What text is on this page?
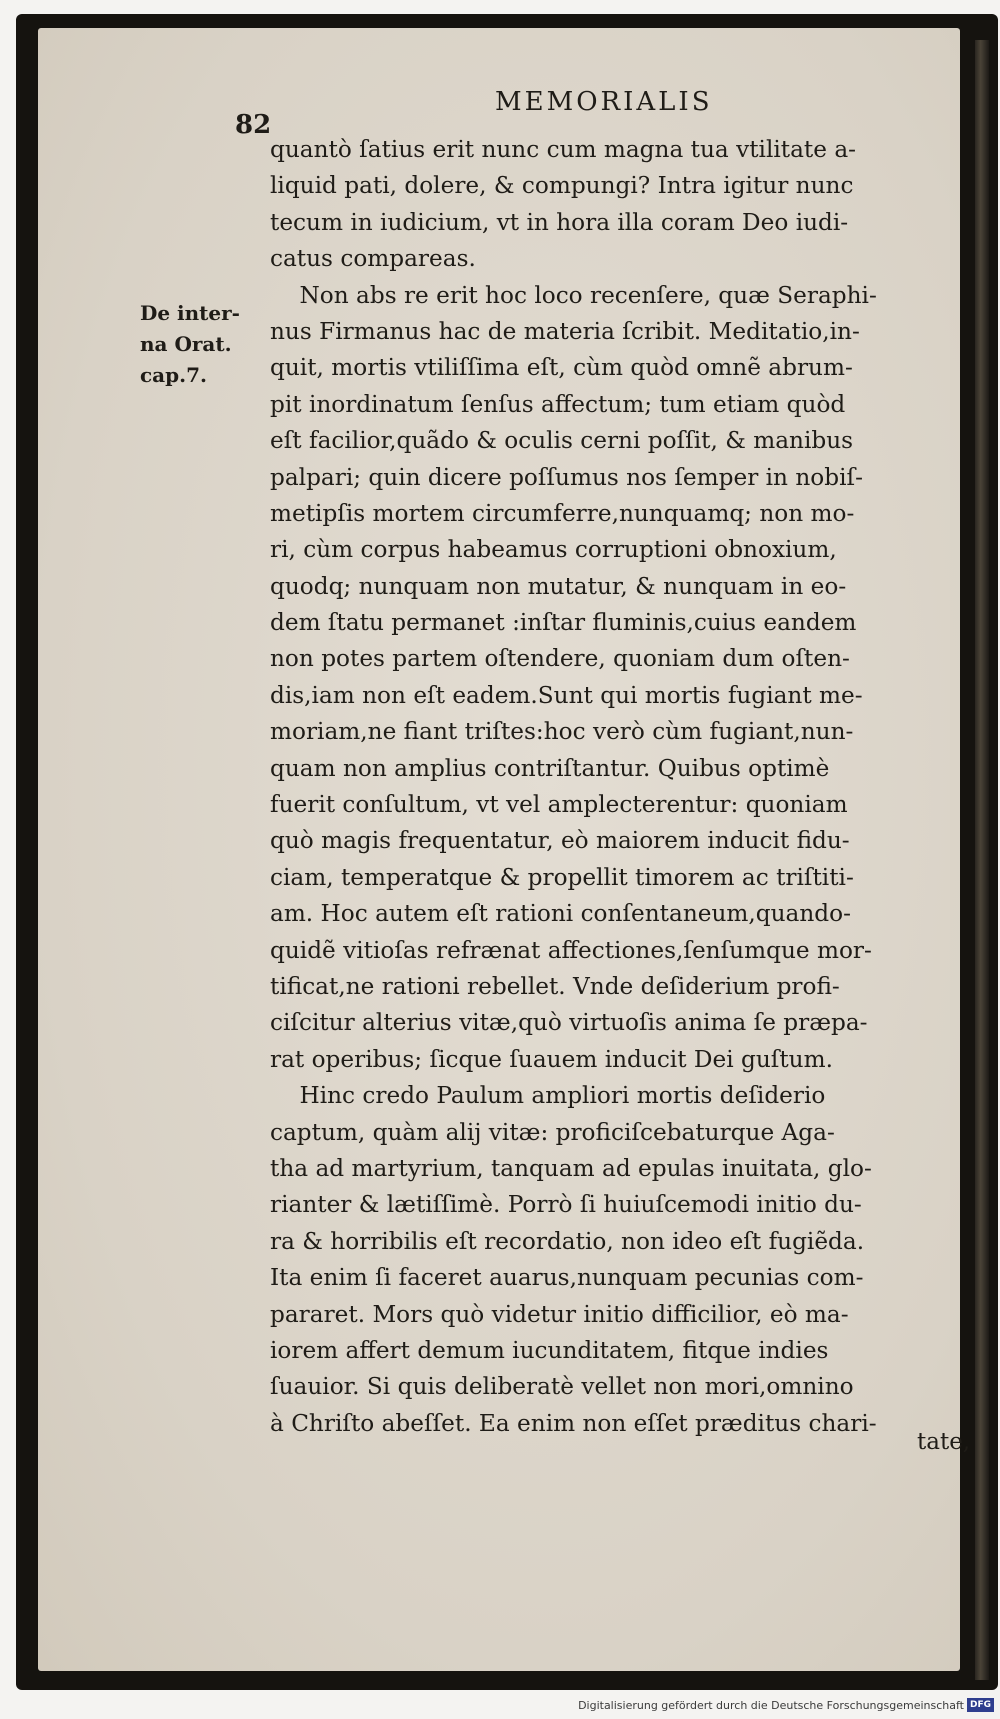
82
MEMORIALIS
De inter-
na Orat.
cap.7.
quantò ſatius erit nunc cum magna tua vtilitate a-
liquid pati, dolere, & compungi? Intra igitur nunc
tecum in iudicium, vt in hora illa coram Deo iudi-
catus compareas.
Non abs re erit hoc loco recenſere, quæ Seraphi-
nus Firmanus hac de materia ſcribit. Meditatio,in-
quit, mortis vtiliſſima eſt, cùm quòd omnẽ abrum-
pit inordinatum ſenſus affectum; tum etiam quòd
eſt facilior,quãdo & oculis cerni poſſit, & manibus
palpari; quin dicere poſſumus nos ſemper in nobiſ-
metipſis mortem circumferre,nunquamq; non mo-
ri, cùm corpus habeamus corruptioni obnoxium,
quodq; nunquam non mutatur, & nunquam in eo-
dem ſtatu permanet :inſtar fluminis,cuius eandem
non potes partem oſtendere, quoniam dum oſten-
dis,iam non eſt eadem.Sunt qui mortis fugiant me-
moriam,ne fiant triſtes:hoc verò cùm fugiant,nun-
quam non amplius contriſtantur. Quibus optimè
fuerit conſultum, vt vel amplecterentur: quoniam
quò magis frequentatur, eò maiorem inducit fidu-
ciam, temperatque & propellit timorem ac triſtiti-
am. Hoc autem eſt rationi conſentaneum,quando-
quidẽ vitioſas refrænat affectiones,ſenſumque mor-
tificat,ne rationi rebellet. Vnde deſiderium profi-
ciſcitur alterius vitæ,quò virtuoſis anima ſe præpa-
rat operibus; ſicque ſuauem inducit Dei guſtum.
Hinc credo Paulum ampliori mortis deſiderio
captum, quàm alij vitæ: proficiſcebaturque Aga-
tha ad martyrium, tanquam ad epulas inuitata, glo-
rianter & lætiſſimè. Porrò ſi huiuſcemodi initio du-
ra & horribilis eſt recordatio, non ideo eſt fugiẽda.
Ita enim ſi faceret auarus,nunquam pecunias com-
pararet. Mors quò videtur initio difficilior, eò ma-
iorem affert demum iucunditatem, fitque indies
ſuauior. Si quis deliberatè vellet non mori,omnino
à Chriſto abeſſet. Ea enim non eſſet præditus chari-
tate,
Digitalisierung gefördert durch die Deutsche Forschungsgemeinschaft DFG
